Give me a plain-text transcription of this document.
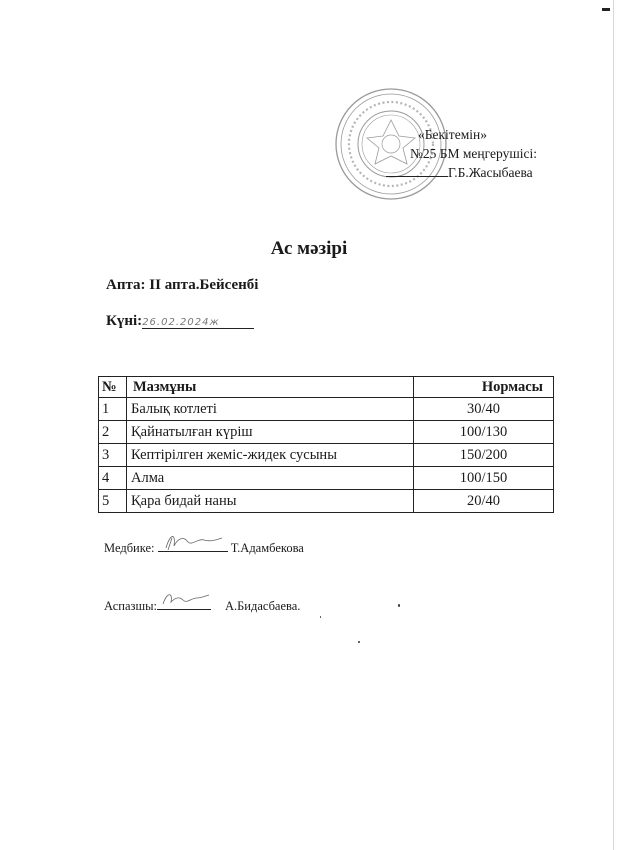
«Бекітемін»
№25 БМ меңгерушісі:
Г.Б.Жасыбаева
Ас мәзірі
Апта: II апта.Бейсенбі
Күні:26.02.2024ж
№	Мазмұны	Нормасы
1	Балық котлеті	30/40
2	Қайнатылған күріш	100/130
3	Кептірілген жеміс-жидек сусыны	150/200
4	Алма	100/150
5	Қара бидай наны	20/40
Медбике:	Т.Адамбекова
Аспазшы:	А.Бидасбаева.
